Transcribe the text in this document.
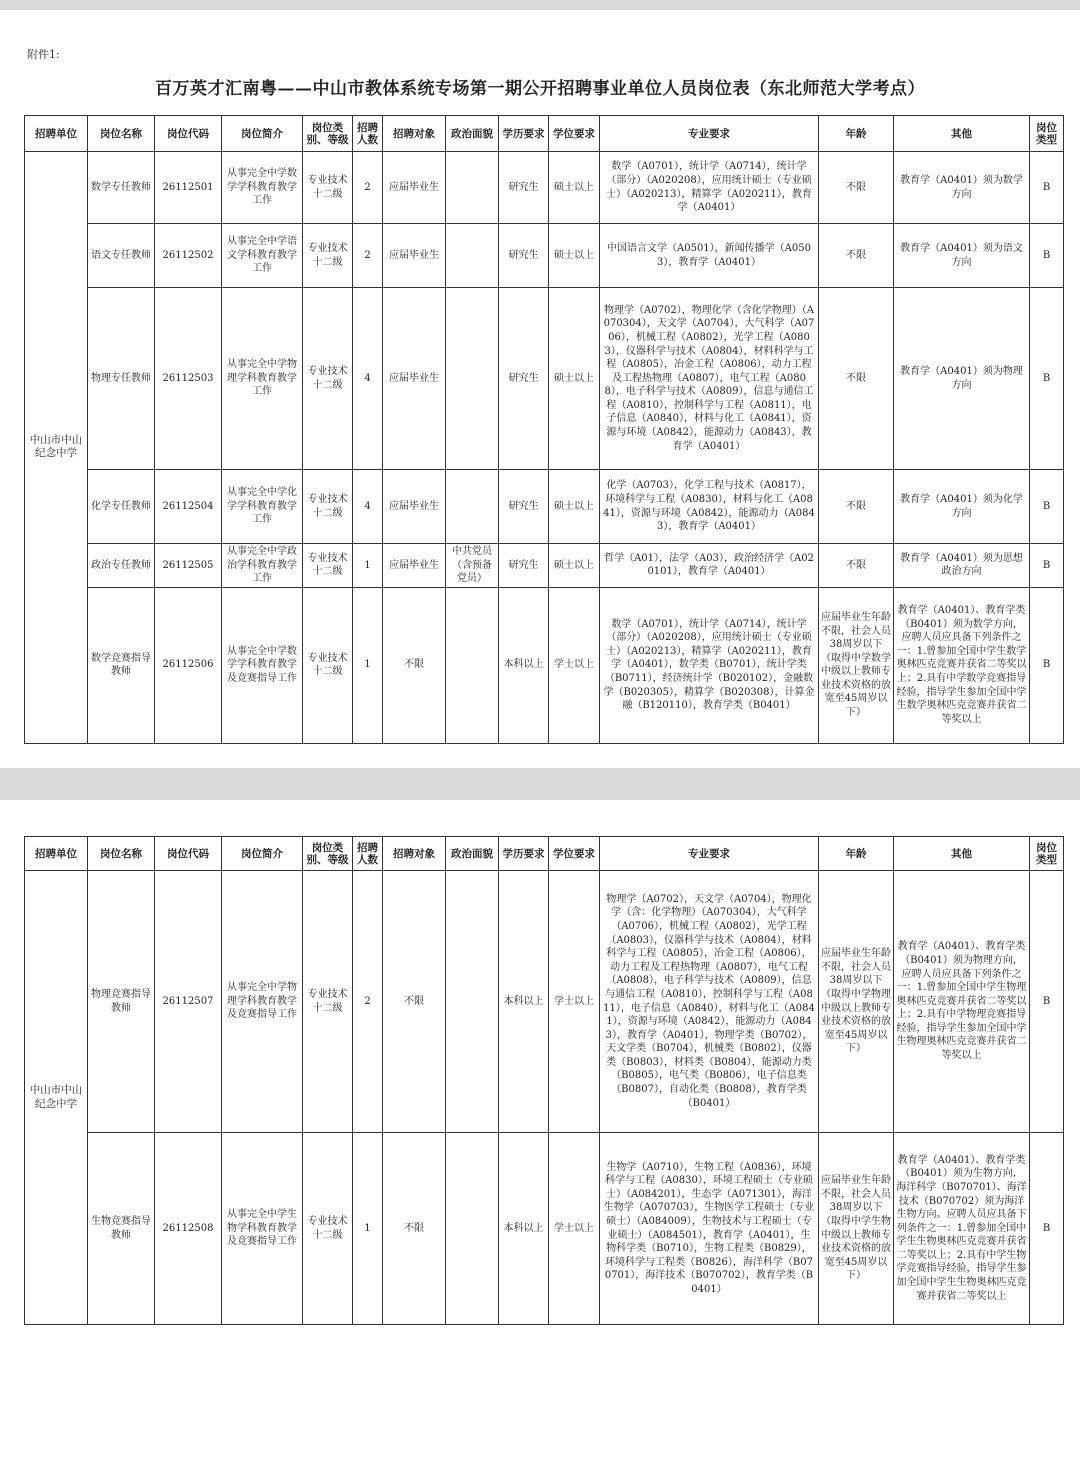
附件1:
百万英才汇南粤——中山市教体系统专场第一期公开招聘事业单位人员岗位表（东北师范大学考点）
招聘单位	岗位名称	岗位代码	岗位简介	岗位类别、等级	招聘人数	招聘对象	政治面貌	学历要求	学位要求	专业要求	年龄	其他	岗位类型
中山市中山纪念中学	数学专任教师	26112501	从事完全中学数学学科教育教学工作	专业技术十二级	2	应届毕业生		研究生	硕士以上	数学（A0701），统计学（A0714），统计学（部分）（A020208），应用统计硕士（专业硕士）（A020213），精算学（A020211），教育学（A0401）	不限	教育学（A0401）须为数学方向	B
	语文专任教师	26112502	从事完全中学语文学科教育教学工作	专业技术十二级	2	应届毕业生		研究生	硕士以上	中国语言文学（A0501），新闻传播学（A0503），教育学（A0401）	不限	教育学（A0401）须为语文方向	B
	物理专任教师	26112503	从事完全中学物理学科教育教学工作	专业技术十二级	4	应届毕业生		研究生	硕士以上	物理学（A0702），物理化学（含化学物理）（A070304），天文学（A0704），大气科学（A0706），机械工程（A0802），光学工程（A0803），仪器科学与技术（A0804），材料科学与工程（A0805），冶金工程（A0806），动力工程及工程热物理（A0807），电气工程（A0808），电子科学与技术（A0809），信息与通信工程（A0810），控制科学与工程（A0811），电子信息（A0840），材料与化工（A0841），资源与环境（A0842），能源动力（A0843），教育学（A0401）	不限	教育学（A0401）须为物理方向	B
	化学专任教师	26112504	从事完全中学化学学科教育教学工作	专业技术十二级	4	应届毕业生		研究生	硕士以上	化学（A0703），化学工程与技术（A0817），环境科学与工程（A0830），材料与化工（A0841），资源与环境（A0842），能源动力（A0843），教育学（A0401）	不限	教育学（A0401）须为化学方向	B
	政治专任教师	26112505	从事完全中学政治学科教育教学工作	专业技术十二级	1	应届毕业生	中共党员（含预备党员）	研究生	硕士以上	哲学（A01），法学（A03），政治经济学（A020101），教育学（A0401）	不限	教育学（A0401）须为思想政治方向	B
	数学竞赛指导教师	26112506	从事完全中学数学学科教育教学及竞赛指导工作	专业技术十二级	1	不限		本科以上	学士以上	数学（A0701），统计学（A0714），统计学（部分）（A020208），应用统计硕士（专业硕士）（A020213），精算学（A020211），教育学（A0401），数学类（B0701），统计学类（B0711），经济统计学（B020102），金融数学（B020305），精算学（B020308），计算金融（B120110），教育学类（B0401）	应届毕业生年龄不限，社会人员38周岁以下（取得中学数学中级以上教师专业技术资格的放宽至45周岁以下）	教育学（A0401）、教育学类（B0401）须为数学方向，应聘人员应具备下列条件之一：1.曾参加全国中学生数学奥林匹克竞赛并获省二等奖以上；2.具有中学数学竞赛指导经验，指导学生参加全国中学生数学奥林匹克竞赛并获省二等奖以上	B
招聘单位	岗位名称	岗位代码	岗位简介	岗位类别、等级	招聘人数	招聘对象	政治面貌	学历要求	学位要求	专业要求	年龄	其他	岗位类型
中山市中山纪念中学	物理竞赛指导教师	26112507	从事完全中学物理学科教育教学及竞赛指导工作	专业技术十二级	2	不限		本科以上	学士以上	物理学（A0702），天文学（A0704），物理化学（含：化学物理）（A070304），大气科学（A0706），机械工程（A0802），光学工程（A0803），仪器科学与技术（A0804），材料科学与工程（A0805），冶金工程（A0806），动力工程及工程热物理（A0807），电气工程（A0808），电子科学与技术（A0809），信息与通信工程（A0810），控制科学与工程（A0811），电子信息（A0840），材料与化工（A0841），资源与环境（A0842），能源动力（A0843），教育学（A0401），物理学类（B0702），天文学类（B0704），机械类（B0802），仪器类（B0803），材料类（B0804），能源动力类（B0805），电气类（B0806），电子信息类（B0807），自动化类（B0808），教育学类（B0401）	应届毕业生年龄不限，社会人员38周岁以下（取得中学物理中级以上教师专业技术资格的放宽至45周岁以下）	教育学（A0401）、教育学类（B0401）须为物理方向，应聘人员应具备下列条件之一：1.曾参加全国中学生物理奥林匹克竞赛并获省二等奖以上；2.具有中学物理竞赛指导经验，指导学生参加全国中学生物理奥林匹克竞赛并获省二等奖以上	B
	生物竞赛指导教师	26112508	从事完全中学生物学科教育教学及竞赛指导工作	专业技术十二级	1	不限		本科以上	学士以上	生物学（A0710），生物工程（A0836），环境科学与工程（A0830），环境工程硕士（专业硕士）（A084201），生态学（A071301），海洋生物学（A070703），生物医学工程硕士（专业硕士）（A084009），生物技术与工程硕士（专业硕士）（A084501），教育学（A0401），生物科学类（B0710），生物工程类（B0829），环境科学与工程类（B0826），海洋科学（B070701），海洋技术（B070702），教育学类（B0401）	应届毕业生年龄不限，社会人员38周岁以下（取得中学生物中级以上教师专业技术资格的放宽至45周岁以下）	教育学（A0401）、教育学类（B0401）须为生物方向，海洋科学（B070701）、海洋技术（B070702）须为海洋生物方向。应聘人员应具备下列条件之一：1.曾参加全国中学生生物奥林匹克竞赛并获省二等奖以上；2.具有中学生物学竞赛指导经验，指导学生参加全国中学生生物奥林匹克竞赛并获省二等奖以上	B
